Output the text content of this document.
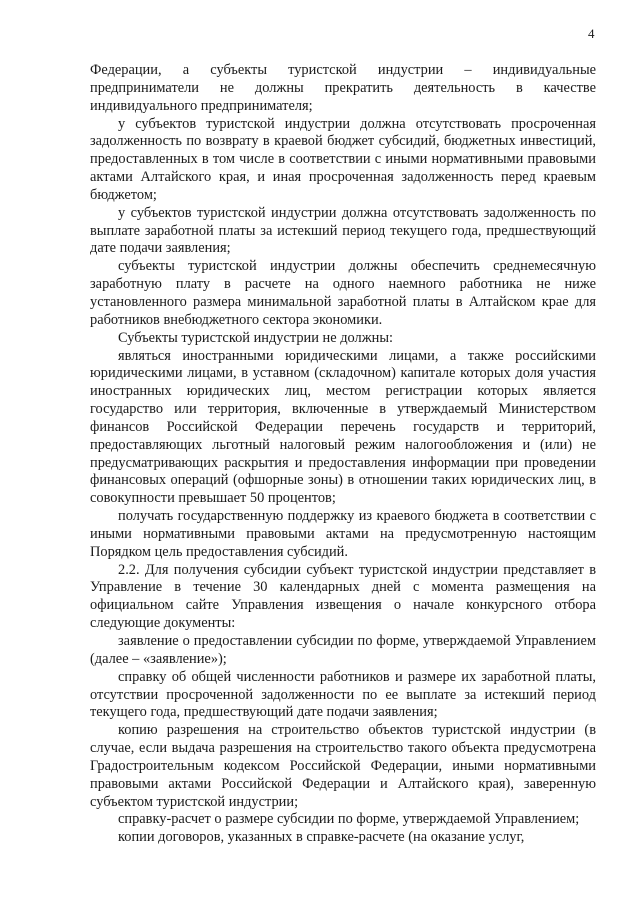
4

Федерации, а субъекты туристской индустрии – индивидуальные предприниматели не должны прекратить деятельность в качестве индивидуального предпринимателя;

у субъектов туристской индустрии должна отсутствовать просроченная задолженность по возврату в краевой бюджет субсидий, бюджетных инвестиций, предоставленных в том числе в соответствии с иными нормативными правовыми актами Алтайского края, и иная просроченная задолженность перед краевым бюджетом;

у субъектов туристской индустрии должна отсутствовать задолженность по выплате заработной платы за истекший период текущего года, предшествующий дате подачи заявления;

субъекты туристской индустрии должны обеспечить среднемесячную заработную плату в расчете на одного наемного работника не ниже установленного размера минимальной заработной платы в Алтайском крае для работников внебюджетного сектора экономики.

Субъекты туристской индустрии не должны:

являться иностранными юридическими лицами, а также российскими юридическими лицами, в уставном (складочном) капитале которых доля участия иностранных юридических лиц, местом регистрации которых является государство или территория, включенные в утверждаемый Министерством финансов Российской Федерации перечень государств и территорий, предоставляющих льготный налоговый режим налогообложения и (или) не предусматривающих раскрытия и предоставления информации при проведении финансовых операций (офшорные зоны) в отношении таких юридических лиц, в совокупности превышает 50 процентов;

получать государственную поддержку из краевого бюджета в соответствии с иными нормативными правовыми актами на предусмотренную настоящим Порядком цель предоставления субсидий.

2.2. Для получения субсидии субъект туристской индустрии представляет в Управление в течение 30 календарных дней с момента размещения на официальном сайте Управления извещения о начале конкурсного отбора следующие документы:

заявление о предоставлении субсидии по форме, утверждаемой Управлением (далее – «заявление»);

справку об общей численности работников и размере их заработной платы, отсутствии просроченной задолженности по ее выплате за истекший период текущего года, предшествующий дате подачи заявления;

копию разрешения на строительство объектов туристской индустрии (в случае, если выдача разрешения на строительство такого объекта предусмотрена Градостроительным кодексом Российской Федерации, иными нормативными правовыми актами Российской Федерации и Алтайского края), заверенную субъектом туристской индустрии;

справку-расчет о размере субсидии по форме, утверждаемой Управлением;

копии договоров, указанных в справке-расчете (на оказание услуг,
